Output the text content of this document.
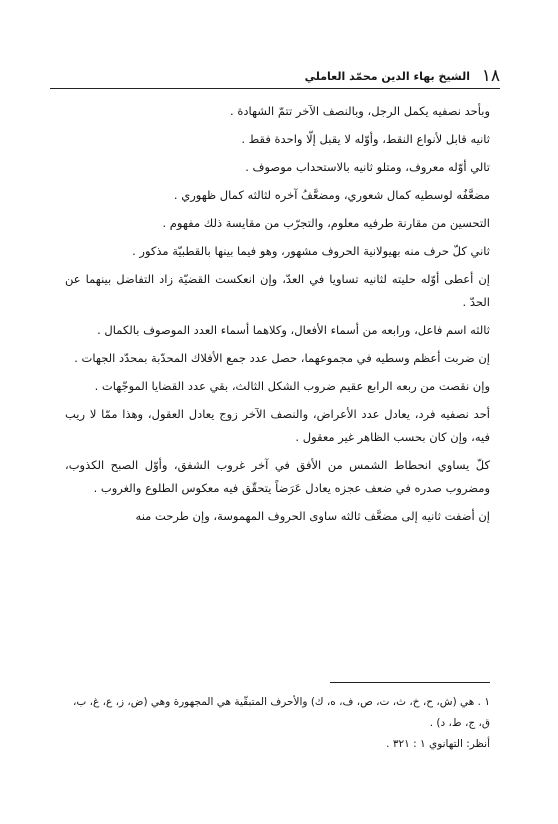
١٨
الشيخ بهاء الدين محمّد العاملي

وبأحد نصفيه يكمل الرجل، وبالنصف الآخر تتمّ الشهادة .

ثانيه قابل لأنواع النقط، وأوّله لا يقبل إلّا واحدة فقط .

تالي أوّله معروف، ومتلو ثانيه بالاستحداب موصوف .

مضعَّفُه لوسطيه كمال شعوري، ومضعَّفُ آخره لثالثه كمال ظهوري .

التحسين من مقارنة طرفيه معلوم، والتجرّب من مقايسة ذلك مفهوم .

ثاني كلّ حرف منه بهيولانية الحروف مشهور، وهو فيما بينها بالقطبيّة مذكور .

إن أعطى أوّله حليته لثانيه تساويا في العدّ، وإن انعكست القضيّة زاد التفاضل بينهما عن الحدّ .

ثالثه اسم فاعل، ورابعه من أسماء الأفعال، وكلاهما أسماء العدد الموصوف بالكمال .

إن ضربت أعظم وسطيه في مجموعهما، حصل عدد جمع الأفلاك المحدّبة بمحدّد الجهات .

وإن نقصت من ربعه الرابع عقيم ضروب الشكل الثالث، بقي عدد القضايا الموجّهات .

أحد نصفيه فرد، يعادل عدد الأعراض، والنصف الآخر زوج يعادل العقول، وهذا ممّا لا ريب فيه، وإن كان بحسب الظاهر غير معقول .

كلّ يساوي انحطاط الشمس من الأفق في آخر غروب الشفق، وأوّل الصبح الكذوب، ومضروب صدره في ضعف عجزه يعادل عَرَضاً يتحقّق فيه معكوس الطلوع والغروب .

إن أضفت ثانيه إلى مضعَّف ثالثه ساوى الحروف المهموسة، وإن طرحت منه

١ . هي (ش، ح، خ، ث، ت، ص، ف، ه، ك) والأحرف المتبقّية هي المجهورة وهي (ض، ز، ع، غ، ب، ق، ج، ط، د) .

أنظر: التهانوي ١ : ٣٢١ .
